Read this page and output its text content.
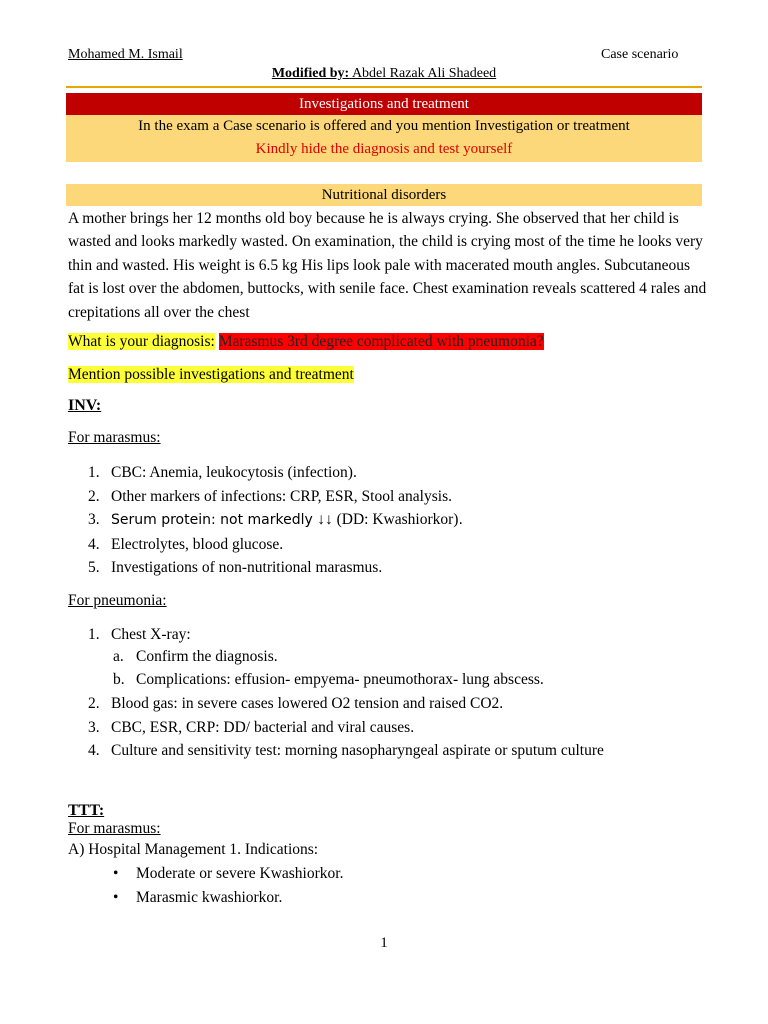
Mohamed M. Ismail	Case scenario
Modified by: Abdel Razak Ali Shadeed
Investigations and treatment
In the exam a Case scenario is offered and you mention Investigation or treatment
Kindly hide the diagnosis and test yourself
Nutritional disorders
A mother brings her 12 months old boy because he is always crying. She observed that her child is wasted and looks markedly wasted. On examination, the child is crying most of the time he looks very thin and wasted. His weight is 6.5 kg His lips look pale with macerated mouth angles. Subcutaneous fat is lost over the abdomen, buttocks, with senile face. Chest examination reveals scattered 4 rales and crepitations all over the chest
What is your diagnosis: Marasmus 3rd degree complicated with pneumonia?
Mention possible investigations and treatment
INV:
For marasmus:
1. CBC: Anemia, leukocytosis (infection).
2. Other markers of infections: CRP, ESR, Stool analysis.
3. Serum protein: not markedly ↓↓ (DD: Kwashiorkor).
4. Electrolytes, blood glucose.
5. Investigations of non-nutritional marasmus.
For pneumonia:
1. Chest X-ray:
a. Confirm the diagnosis.
b. Complications: effusion- empyema- pneumothorax- lung abscess.
2. Blood gas: in severe cases lowered O2 tension and raised CO2.
3. CBC, ESR, CRP: DD/ bacterial and viral causes.
4. Culture and sensitivity test: morning nasopharyngeal aspirate or sputum culture
TTT:
For marasmus:
A) Hospital Management 1. Indications:
• Moderate or severe Kwashiorkor.
• Marasmic kwashiorkor.
1
